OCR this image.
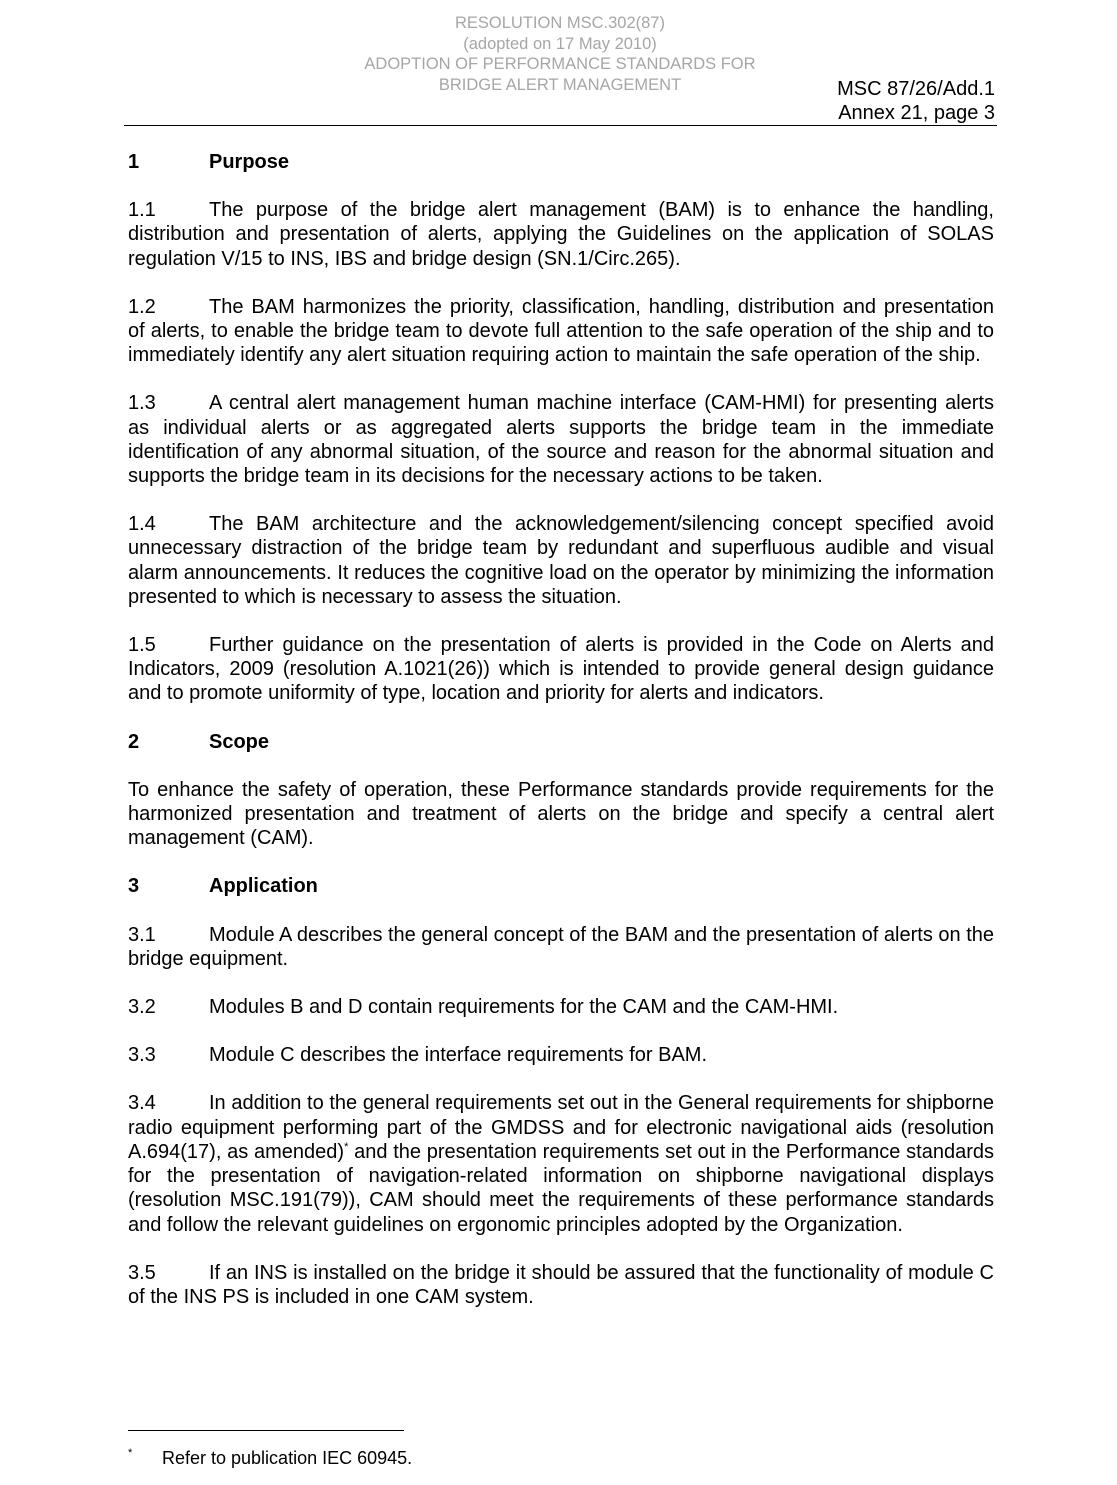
RESOLUTION MSC.302(87)
(adopted on 17 May 2010)
ADOPTION OF PERFORMANCE STANDARDS FOR
BRIDGE ALERT MANAGEMENT	MSC 87/26/Add.1
Annex 21, page 3
1	Purpose

1.1	The purpose of the bridge alert management (BAM) is to enhance the handling, distribution and presentation of alerts, applying the Guidelines on the application of SOLAS regulation V/15 to INS, IBS and bridge design (SN.1/Circ.265).

1.2	The BAM harmonizes the priority, classification, handling, distribution and presentation of alerts, to enable the bridge team to devote full attention to the safe operation of the ship and to immediately identify any alert situation requiring action to maintain the safe operation of the ship.

1.3	A central alert management human machine interface (CAM-HMI) for presenting alerts as individual alerts or as aggregated alerts supports the bridge team in the immediate identification of any abnormal situation, of the source and reason for the abnormal situation and supports the bridge team in its decisions for the necessary actions to be taken.

1.4	The BAM architecture and the acknowledgement/silencing concept specified avoid unnecessary distraction of the bridge team by redundant and superfluous audible and visual alarm announcements. It reduces the cognitive load on the operator by minimizing the information presented to which is necessary to assess the situation.

1.5	Further guidance on the presentation of alerts is provided in the Code on Alerts and Indicators, 2009 (resolution A.1021(26)) which is intended to provide general design guidance and to promote uniformity of type, location and priority for alerts and indicators.

2	Scope

To enhance the safety of operation, these Performance standards provide requirements for the harmonized presentation and treatment of alerts on the bridge and specify a central alert management (CAM).

3	Application

3.1	Module A describes the general concept of the BAM and the presentation of alerts on the bridge equipment.

3.2	Modules B and D contain requirements for the CAM and the CAM-HMI.

3.3	Module C describes the interface requirements for BAM.

3.4	In addition to the general requirements set out in the General requirements for shipborne radio equipment performing part of the GMDSS and for electronic navigational aids (resolution A.694(17), as amended)* and the presentation requirements set out in the Performance standards for the presentation of navigation-related information on shipborne navigational displays (resolution MSC.191(79)), CAM should meet the requirements of these performance standards and follow the relevant guidelines on ergonomic principles adopted by the Organization.

3.5	If an INS is installed on the bridge it should be assured that the functionality of module C of the INS PS is included in one CAM system.

* Refer to publication IEC 60945.
